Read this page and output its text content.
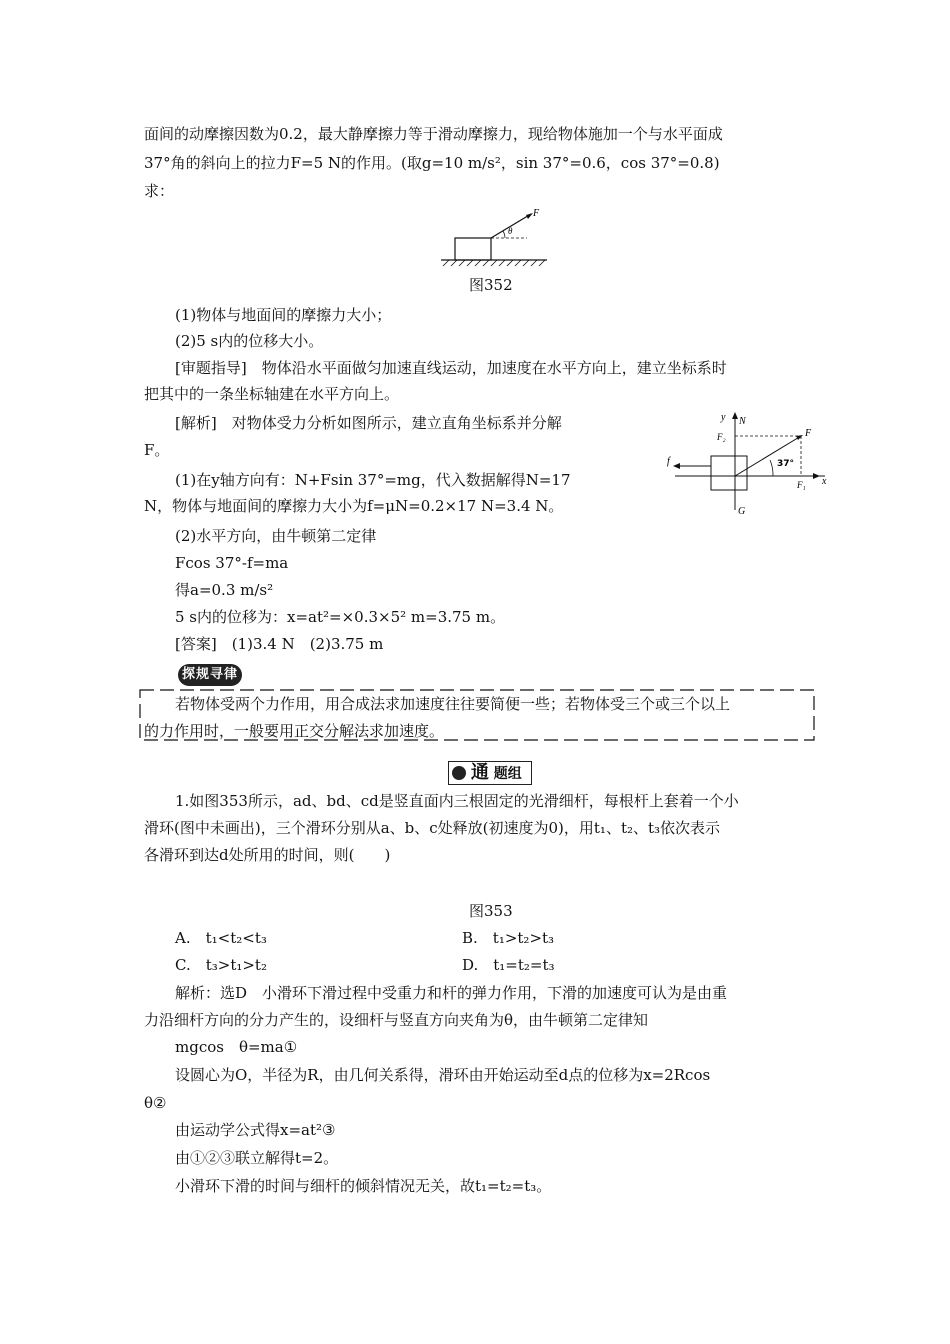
面间的动摩擦因数为0.2，最大静摩擦力等于滑动摩擦力，现给物体施加一个与水平面成
37°角的斜向上的拉力F=5 N的作用。(取g=10 m/s²，sin 37°=0.6，cos 37°=0.8)
求：
F
θ
图352
(1)物体与地面间的摩擦力大小；
(2)5 s内的位移大小。
[审题指导]　物体沿水平面做匀加速直线运动，加速度在水平方向上，建立坐标系时
把其中的一条坐标轴建在水平方向上。
[解析]　对物体受力分析如图所示，建立直角坐标系并分解
F。
(1)在y轴方向有：N+Fsin 37°=mg，代入数据解得N=17
N，物体与地面间的摩擦力大小为f=μN=0.2×17 N=3.4 N。
(2)水平方向，由牛顿第二定律
Fcos 37°-f=ma
得a=0.3 m/s²
5 s内的位移为：x=at²=×0.3×5² m=3.75 m。
[答案]　(1)3.4 N　(2)3.75 m
y N
F₂	F
37°
f
F₁ x
G
探规寻律
若物体受两个力作用，用合成法求加速度往往要简便一些；若物体受三个或三个以上
的力作用时，一般要用正交分解法求加速度。
通 题组
1.如图353所示，ad、bd、cd是竖直面内三根固定的光滑细杆，每根杆上套着一个小
滑环(图中未画出)，三个滑环分别从a、b、c处释放(初速度为0)，用t₁、t₂、t₃依次表示
各滑环到达d处所用的时间，则(　　)
图353
A.　t₁<t₂<t₃	B.　t₁>t₂>t₃
C.　t₃>t₁>t₂	D.　t₁=t₂=t₃
解析：选D　小滑环下滑过程中受重力和杆的弹力作用，下滑的加速度可认为是由重
力沿细杆方向的分力产生的，设细杆与竖直方向夹角为θ，由牛顿第二定律知
mgcos　θ=ma①
设圆心为O，半径为R，由几何关系得，滑环由开始运动至d点的位移为x=2Rcos
θ②
由运动学公式得x=at²③
由①②③联立解得t=2。
小滑环下滑的时间与细杆的倾斜情况无关，故t₁=t₂=t₃。
